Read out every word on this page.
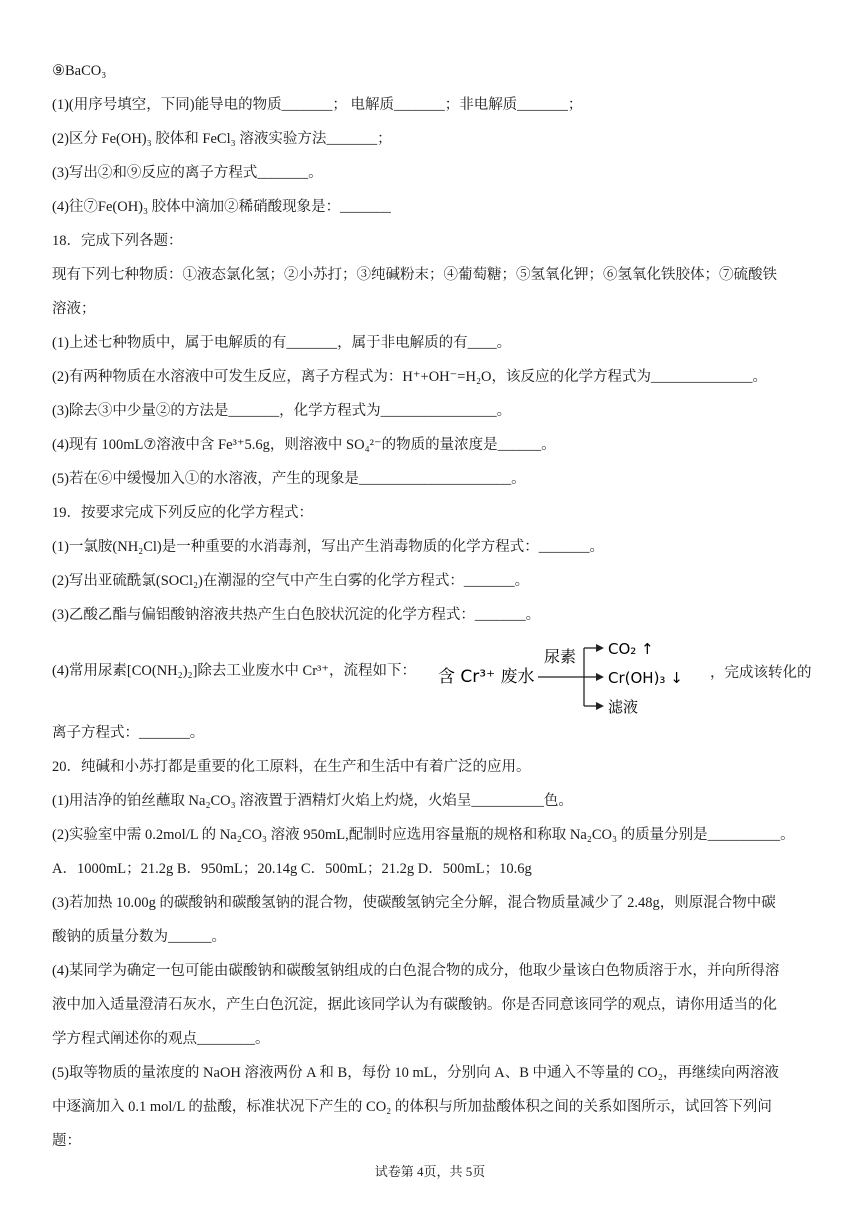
⑨BaCO₃
(1)(用序号填空，下同)能导电的物质_______； 电解质_______；非电解质_______；
(2)区分 Fe(OH)₃ 胶体和 FeCl₃ 溶液实验方法_______；
(3)写出②和⑨反应的离子方程式_______。
(4)往⑦Fe(OH)₃ 胶体中滴加②稀硝酸现象是：_______
18．完成下列各题：
现有下列七种物质：①液态氯化氢；②小苏打；③纯碱粉末；④葡萄糖；⑤氢氧化钾；⑥氢氧化铁胶体；⑦硫酸铁
溶液；
(1)上述七种物质中，属于电解质的有_______，属于非电解质的有____。
(2)有两种物质在水溶液中可发生反应，离子方程式为：H⁺+OH⁻=H₂O，该反应的化学方程式为______________。
(3)除去③中少量②的方法是_______，化学方程式为________________。
(4)现有 100mL⑦溶液中含 Fe³⁺5.6g，则溶液中 SO₄²⁻的物质的量浓度是______。
(5)若在⑥中缓慢加入①的水溶液，产生的现象是_____________________。
19．按要求完成下列反应的化学方程式：
(1)一氯胺(NH₂Cl)是一种重要的水消毒剂，写出产生消毒物质的化学方程式：_______。
(2)写出亚硫酰氯(SOCl₂)在潮湿的空气中产生白雾的化学方程式：_______。
(3)乙酸乙酯与偏铝酸钠溶液共热产生白色胶状沉淀的化学方程式：_______。
(4)常用尿素[CO(NH₂)₂]除去工业废水中 Cr³⁺，流程如下：
离子方程式：_______。
20．纯碱和小苏打都是重要的化工原料，在生产和生活中有着广泛的应用。
(1)用洁净的铂丝蘸取 Na₂CO₃ 溶液置于酒精灯火焰上灼烧，火焰呈__________色。
(2)实验室中需 0.2mol/L 的 Na₂CO₃ 溶液 950mL,配制时应选用容量瓶的规格和称取 Na₂CO₃ 的质量分别是__________。
A．1000mL；21.2g B．950mL；20.14g C．500mL；21.2g D．500mL；10.6g
(3)若加热 10.00g 的碳酸钠和碳酸氢钠的混合物，使碳酸氢钠完全分解，混合物质量减少了 2.48g，则原混合物中碳
酸钠的质量分数为______。
(4)某同学为确定一包可能由碳酸钠和碳酸氢钠组成的白色混合物的成分，他取少量该白色物质溶于水，并向所得溶
液中加入适量澄清石灰水，产生白色沉淀，据此该同学认为有碳酸钠。你是否同意该同学的观点，请你用适当的化
学方程式阐述你的观点________。
(5)取等物质的量浓度的 NaOH 溶液两份 A 和 B，每份 10 mL，分别向 A、B 中通入不等量的 CO₂，再继续向两溶液
中逐滴加入 0.1 mol/L 的盐酸，标准状况下产生的 CO₂ 的体积与所加盐酸体积之间的关系如图所示，试回答下列问
题：
含 Cr³⁺ 废水
尿素 CO₂ ↑
Cr(OH)₃ ↓
滤液
，完成该转化的
试卷第 4页，共 5页
